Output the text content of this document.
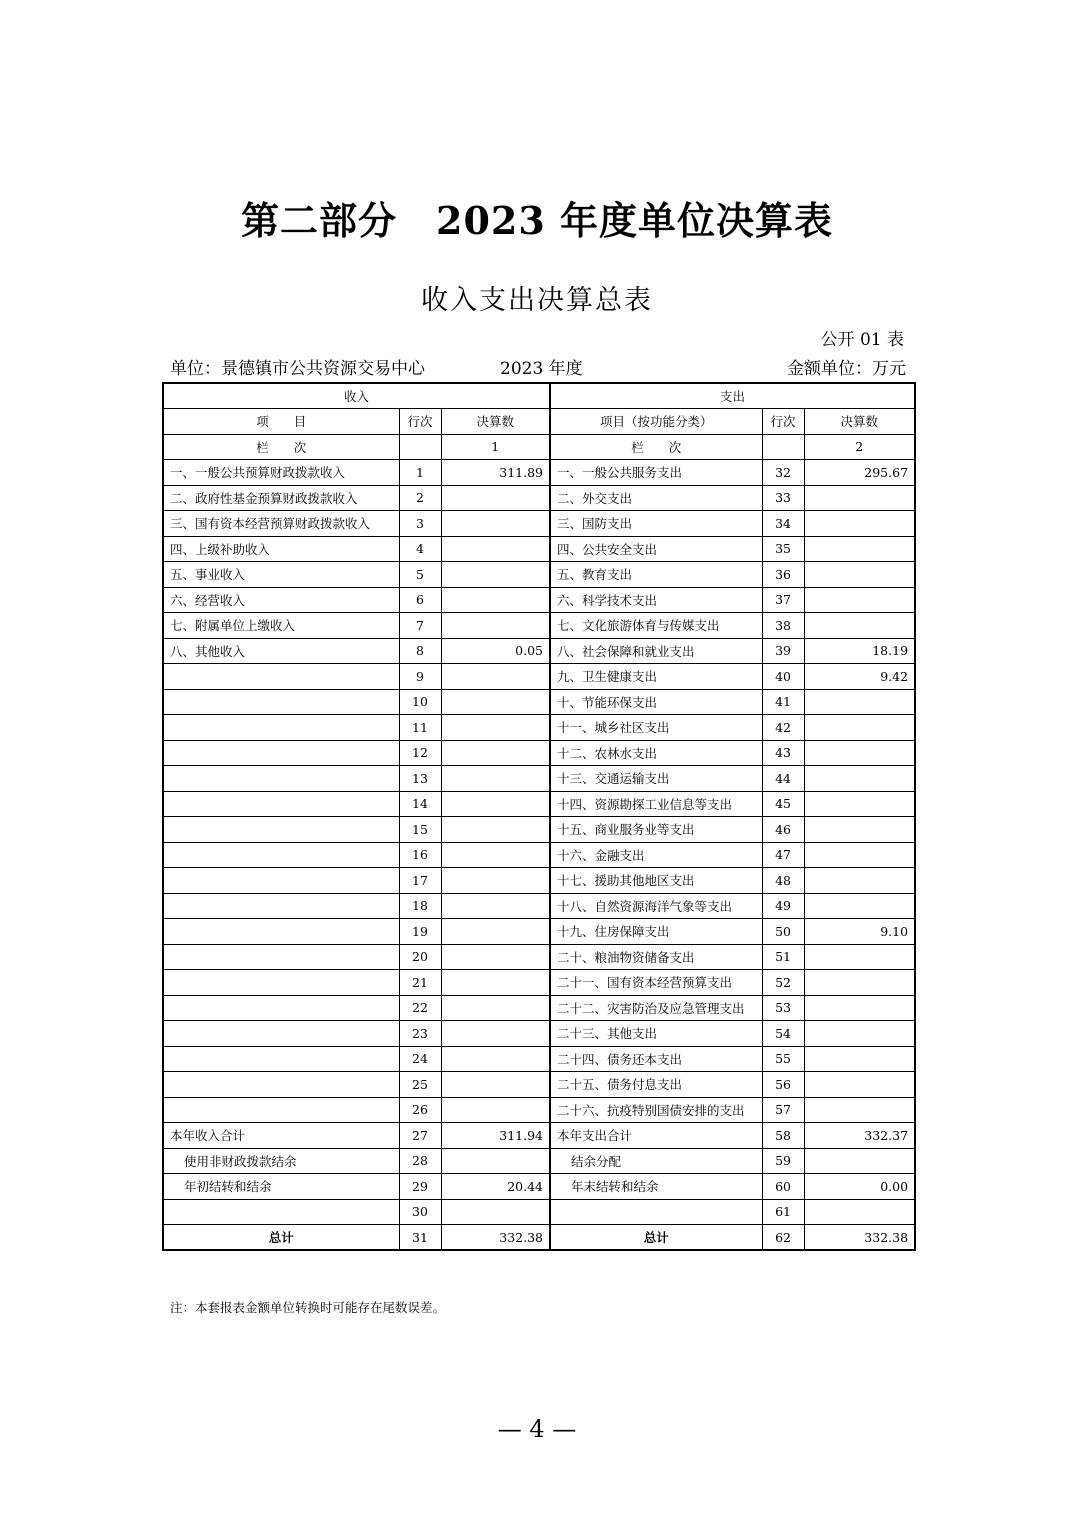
第二部分　2023 年度单位决算表
收入支出决算总表
公开 01 表
单位：景德镇市公共资源交易中心	2023 年度	金额单位：万元
收入			支出		
项　　目	行次	决算数	项目（按功能分类）	行次	决算数
栏　　次		1	栏　　次		2
一、一般公共预算财政拨款收入	1	311.89	一、一般公共服务支出	32	295.67
二、政府性基金预算财政拨款收入	2		二、外交支出	33	
三、国有资本经营预算财政拨款收入	3		三、国防支出	34	
四、上级补助收入	4		四、公共安全支出	35	
五、事业收入	5		五、教育支出	36	
六、经营收入	6		六、科学技术支出	37	
七、附属单位上缴收入	7		七、文化旅游体育与传媒支出	38	
八、其他收入	8	0.05	八、社会保障和就业支出	39	18.19
	9		九、卫生健康支出	40	9.42
	10		十、节能环保支出	41	
	11		十一、城乡社区支出	42	
	12		十二、农林水支出	43	
	13		十三、交通运输支出	44	
	14		十四、资源勘探工业信息等支出	45	
	15		十五、商业服务业等支出	46	
	16		十六、金融支出	47	
	17		十七、援助其他地区支出	48	
	18		十八、自然资源海洋气象等支出	49	
	19		十九、住房保障支出	50	9.10
	20		二十、粮油物资储备支出	51	
	21		二十一、国有资本经营预算支出	52	
	22		二十二、灾害防治及应急管理支出	53	
	23		二十三、其他支出	54	
	24		二十四、债务还本支出	55	
	25		二十五、债务付息支出	56	
	26		二十六、抗疫特别国债安排的支出	57	
本年收入合计	27	311.94	本年支出合计	58	332.37
使用非财政拨款结余	28		结余分配	59	
年初结转和结余	29	20.44	年末结转和结余	60	0.00
	30			61	
总计	31	332.38	总计	62	332.38
注：本套报表金额单位转换时可能存在尾数误差。
— 4 —
